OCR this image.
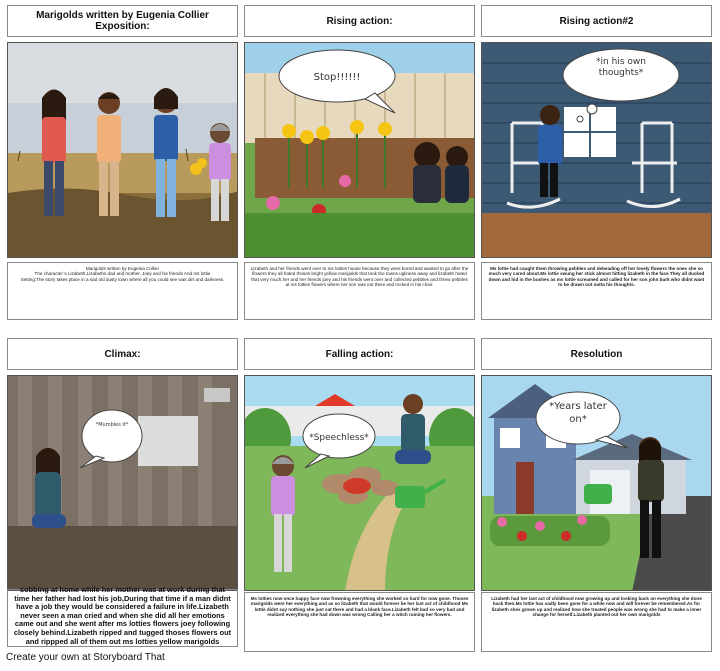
Marigolds written by Eugenia Collier Exposition:

Marigolds written by Eugenia Collier

The character`s Lizabeth,Lizabeths dad and mother, Joey and his friends And ms lottie

Setting:The story takes place in a sad old dusty town where all you could see was dirt and darkness.

Rising action:
Stop!!!!!!

Lizabeth and her friends went over to ms lotties house because they were bored and wanted to go after the flowers they all hated thoses bright yellow marigolds that took the towns ugliness away and lizabeth hated that very much.her and her friends joey and his friends went over and collected pebbles and threw pebbles at ms lotties flowers where her son was out there and rocked in his chair.

Rising action#2
*in his own thoughts*

Ms lottie had caught them throwing pebbles and debeading off her lovely flowers the ones she so much very cared about.Ms lottie swung her stick almost hitting lizabeth in the face.They all ducked down and hid in the bushes as ms lottie screamed and called for her son john burk who didnt want to be drawn out outta his thoughts.

Climax:
*Mumbles it*
sobbing at home while her mother was at work during that time her father had lost his job,During that time if a man didnt have a job they would be considered a failure in life.Lizabeth never seen a man cried and when she did all her emotions came out and she went after ms lotties flowers joey following closely behind.Lizabeth ripped and tugged thoses flowers out and rippped all of them out ms lotties yellow marigolds
Falling action:
*Speechless*

Ms lotties now once happy face now frowning everything she worked so hard for now gone. Thoses marigolds were her everything and as so lizabeth that would forever be her last act of childhood Ms lottie didnt say nothing she just sat there and had a blank face.Lizabeth felt bad so very bad and realized everything she had down was wrong Calling her a witch ruining her flowers.

Resolution
*Years later on*

Lizabeth had her last act of childhood now growing up and looking back on everything she done back then.Ms lottie has sadly been gone for a while now and will forever be remembered.As for lizabeth shes grown up and realized how she treated people was wrong she had to make a inner change for herself.Lizabeth planted out her own marigolds

Create your own at Storyboard That
